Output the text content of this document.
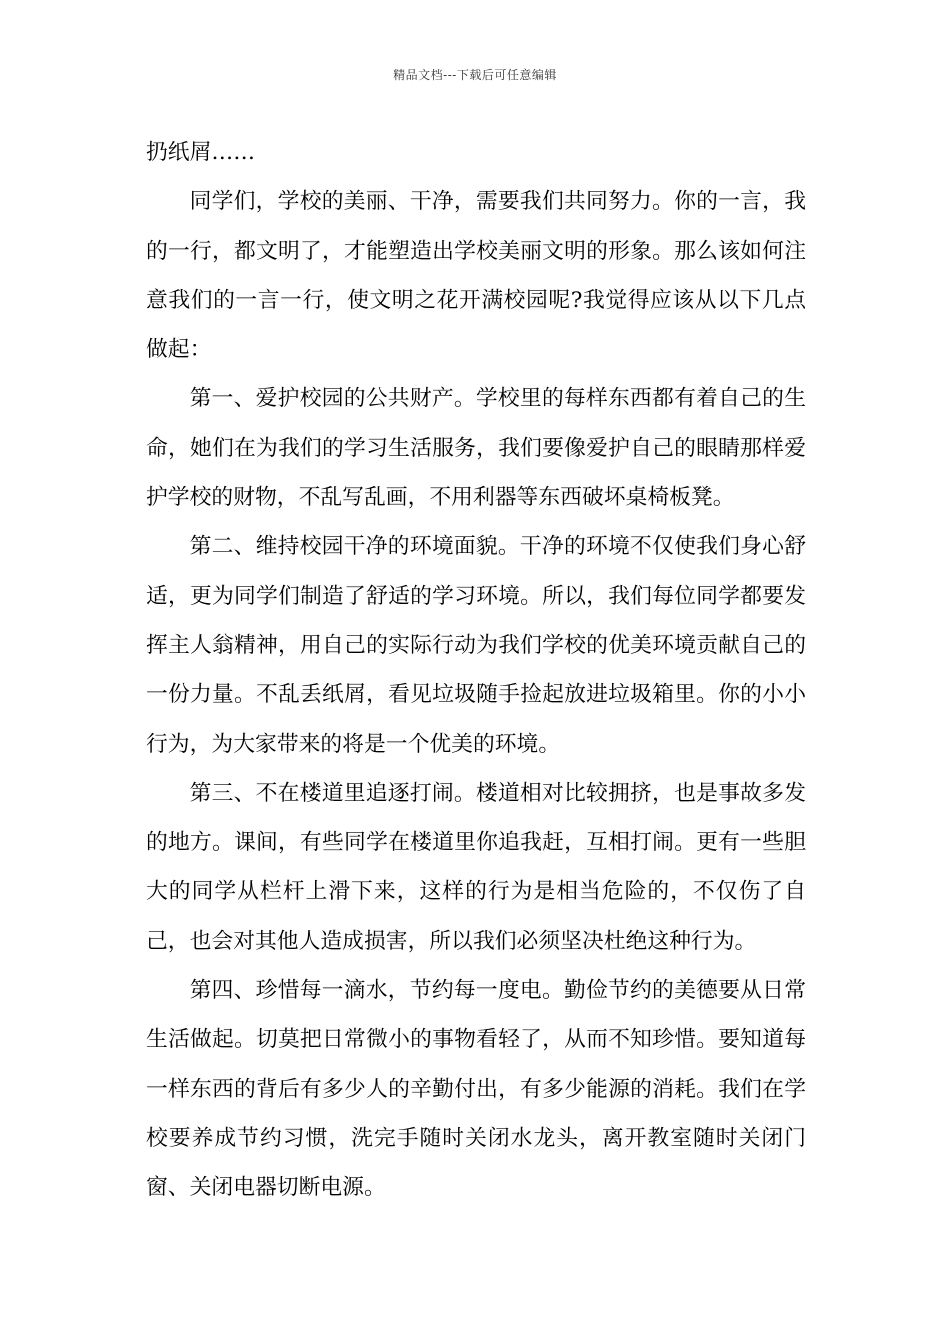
精品文档---下载后可任意编辑

扔纸屑……

同学们，学校的美丽、干净，需要我们共同努力。你的一言，我的一行，都文明了，才能塑造出学校美丽文明的形象。那么该如何注意我们的一言一行，使文明之花开满校园呢?我觉得应该从以下几点做起：

第一、爱护校园的公共财产。学校里的每样东西都有着自己的生命，她们在为我们的学习生活服务，我们要像爱护自己的眼睛那样爱护学校的财物，不乱写乱画，不用利器等东西破坏桌椅板凳。

第二、维持校园干净的环境面貌。干净的环境不仅使我们身心舒适，更为同学们制造了舒适的学习环境。所以，我们每位同学都要发挥主人翁精神，用自己的实际行动为我们学校的优美环境贡献自己的一份力量。不乱丢纸屑，看见垃圾随手捡起放进垃圾箱里。你的小小行为，为大家带来的将是一个优美的环境。

第三、不在楼道里追逐打闹。楼道相对比较拥挤，也是事故多发的地方。课间，有些同学在楼道里你追我赶，互相打闹。更有一些胆大的同学从栏杆上滑下来，这样的行为是相当危险的，不仅伤了自己，也会对其他人造成损害，所以我们必须坚决杜绝这种行为。

第四、珍惜每一滴水，节约每一度电。勤俭节约的美德要从日常生活做起。切莫把日常微小的事物看轻了，从而不知珍惜。要知道每一样东西的背后有多少人的辛勤付出，有多少能源的消耗。我们在学校要养成节约习惯，洗完手随时关闭水龙头，离开教室随时关闭门窗、关闭电器切断电源。
